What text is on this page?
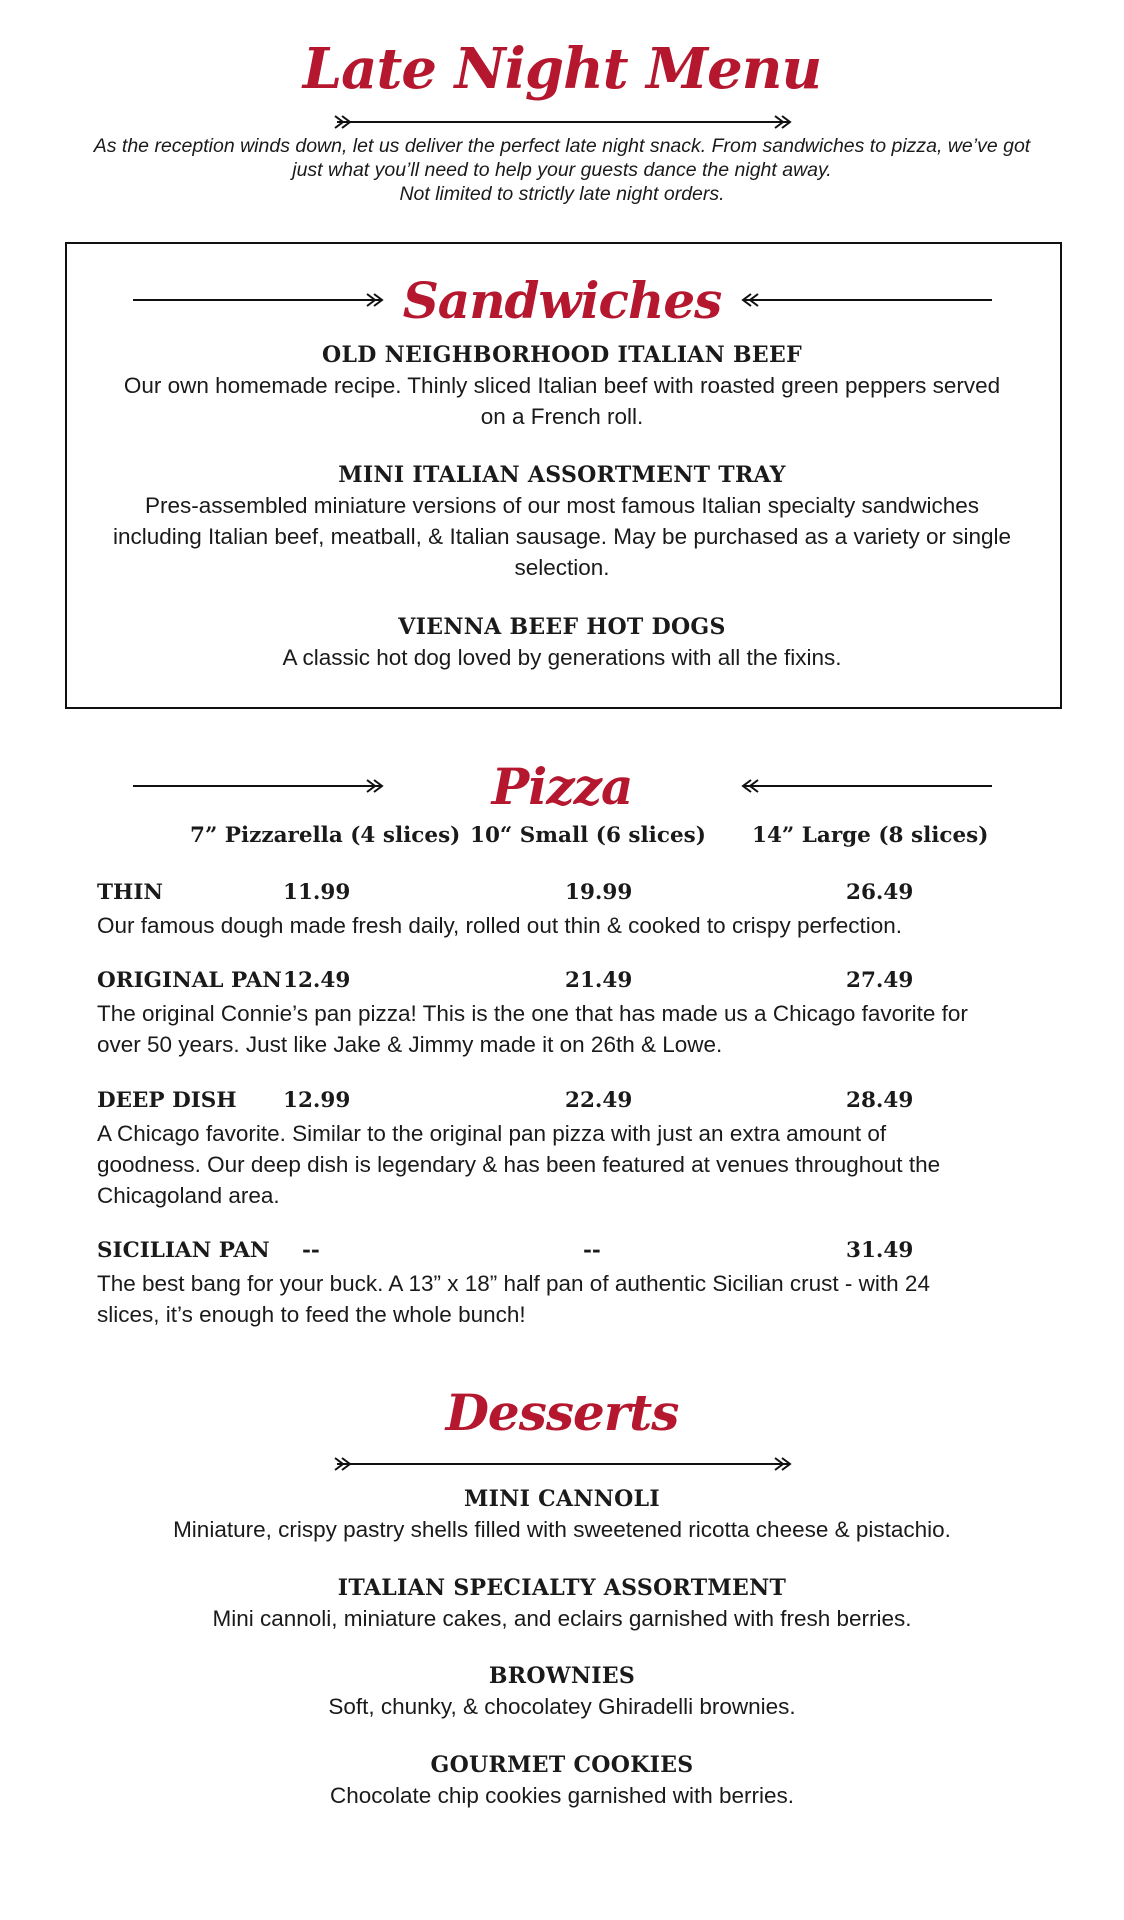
Late Night Menu
As the reception winds down, let us deliver the perfect late night snack. From sandwiches to pizza, we’ve got
just what you’ll need to help your guests dance the night away.
Not limited to strictly late night orders.
Sandwiches
OLD NEIGHBORHOOD ITALIAN BEEF
Our own homemade recipe. Thinly sliced Italian beef with roasted green peppers served
on a French roll.
MINI ITALIAN ASSORTMENT TRAY
Pres-assembled miniature versions of our most famous Italian specialty sandwiches
including Italian beef, meatball, & Italian sausage. May be purchased as a variety or single
selection.
VIENNA BEEF HOT DOGS
A classic hot dog loved by generations with all the fixins.
Pizza
7” Pizzarella (4 slices) 10“ Small (6 slices) 14” Large (8 slices)
THIN	11.99	19.99	26.49
Our famous dough made fresh daily, rolled out thin & cooked to crispy perfection.
ORIGINAL PAN 12.49	21.49	27.49
The original Connie’s pan pizza! This is the one that has made us a Chicago favorite for
over 50 years. Just like Jake & Jimmy made it on 26th & Lowe.
DEEP DISH 12.99	22.49	28.49
A Chicago favorite. Similar to the original pan pizza with just an extra amount of
goodness. Our deep dish is legendary & has been featured at venues throughout the
Chicagoland area.
SICILIAN PAN --	--	31.49
The best bang for your buck. A 13” x 18” half pan of authentic Sicilian crust - with 24
slices, it’s enough to feed the whole bunch!
Desserts
MINI CANNOLI
Miniature, crispy pastry shells filled with sweetened ricotta cheese & pistachio.
ITALIAN SPECIALTY ASSORTMENT
Mini cannoli, miniature cakes, and eclairs garnished with fresh berries.
BROWNIES
Soft, chunky, & chocolatey Ghiradelli brownies.
GOURMET COOKIES
Chocolate chip cookies garnished with berries.
